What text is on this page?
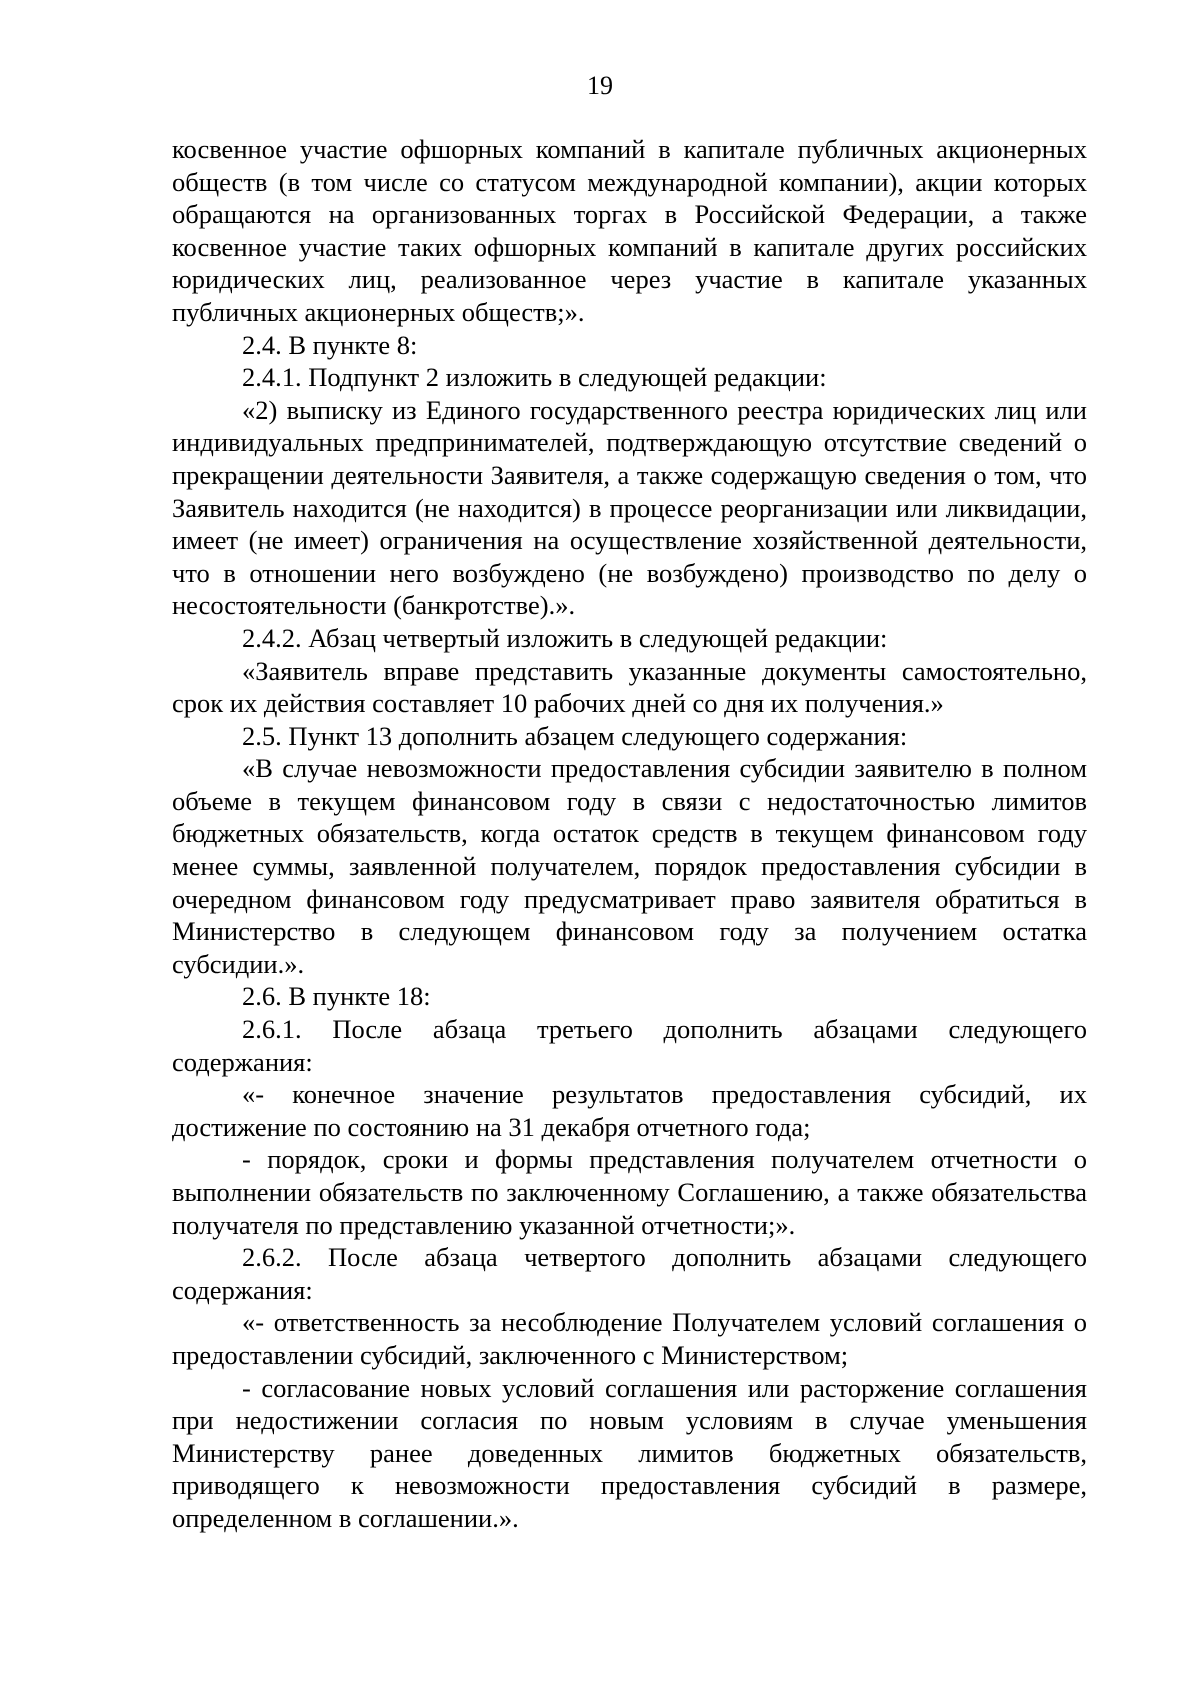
19

косвенное участие офшорных компаний в капитале публичных акционерных обществ (в том числе со статусом международной компании), акции которых обращаются на организованных торгах в Российской Федерации, а также косвенное участие таких офшорных компаний в капитале других российских юридических лиц, реализованное через участие в капитале указанных публичных акционерных обществ;».

2.4. В пункте 8:

2.4.1. Подпункт 2 изложить в следующей редакции:

«2) выписку из Единого государственного реестра юридических лиц или индивидуальных предпринимателей, подтверждающую отсутствие сведений о прекращении деятельности Заявителя, а также содержащую сведения о том, что Заявитель находится (не находится) в процессе реорганизации или ликвидации, имеет (не имеет) ограничения на осуществление хозяйственной деятельности, что в отношении него возбуждено (не возбуждено) производство по делу о несостоятельности (банкротстве).».

2.4.2. Абзац четвертый изложить в следующей редакции:

«Заявитель вправе представить указанные документы самостоятельно, срок их действия составляет 10 рабочих дней со дня их получения.»

2.5. Пункт 13 дополнить абзацем следующего содержания:

«В случае невозможности предоставления субсидии заявителю в полном объеме в текущем финансовом году в связи с недостаточностью лимитов бюджетных обязательств, когда остаток средств в текущем финансовом году менее суммы, заявленной получателем, порядок предоставления субсидии в очередном финансовом году предусматривает право заявителя обратиться в Министерство в следующем финансовом году за получением остатка субсидии.».

2.6. В пункте 18:

2.6.1. После абзаца третьего дополнить абзацами следующего содержания:

«- конечное значение результатов предоставления субсидий, их достижение по состоянию на 31 декабря отчетного года;

- порядок, сроки и формы представления получателем отчетности о выполнении обязательств по заключенному Соглашению, а также обязательства получателя по представлению указанной отчетности;».

2.6.2. После абзаца четвертого дополнить абзацами следующего содержания:

«- ответственность за несоблюдение Получателем условий соглашения о предоставлении субсидий, заключенного с Министерством;

- согласование новых условий соглашения или расторжение соглашения при недостижении согласия по новым условиям в случае уменьшения Министерству ранее доведенных лимитов бюджетных обязательств, приводящего к невозможности предоставления субсидий в размере, определенном в соглашении.».
